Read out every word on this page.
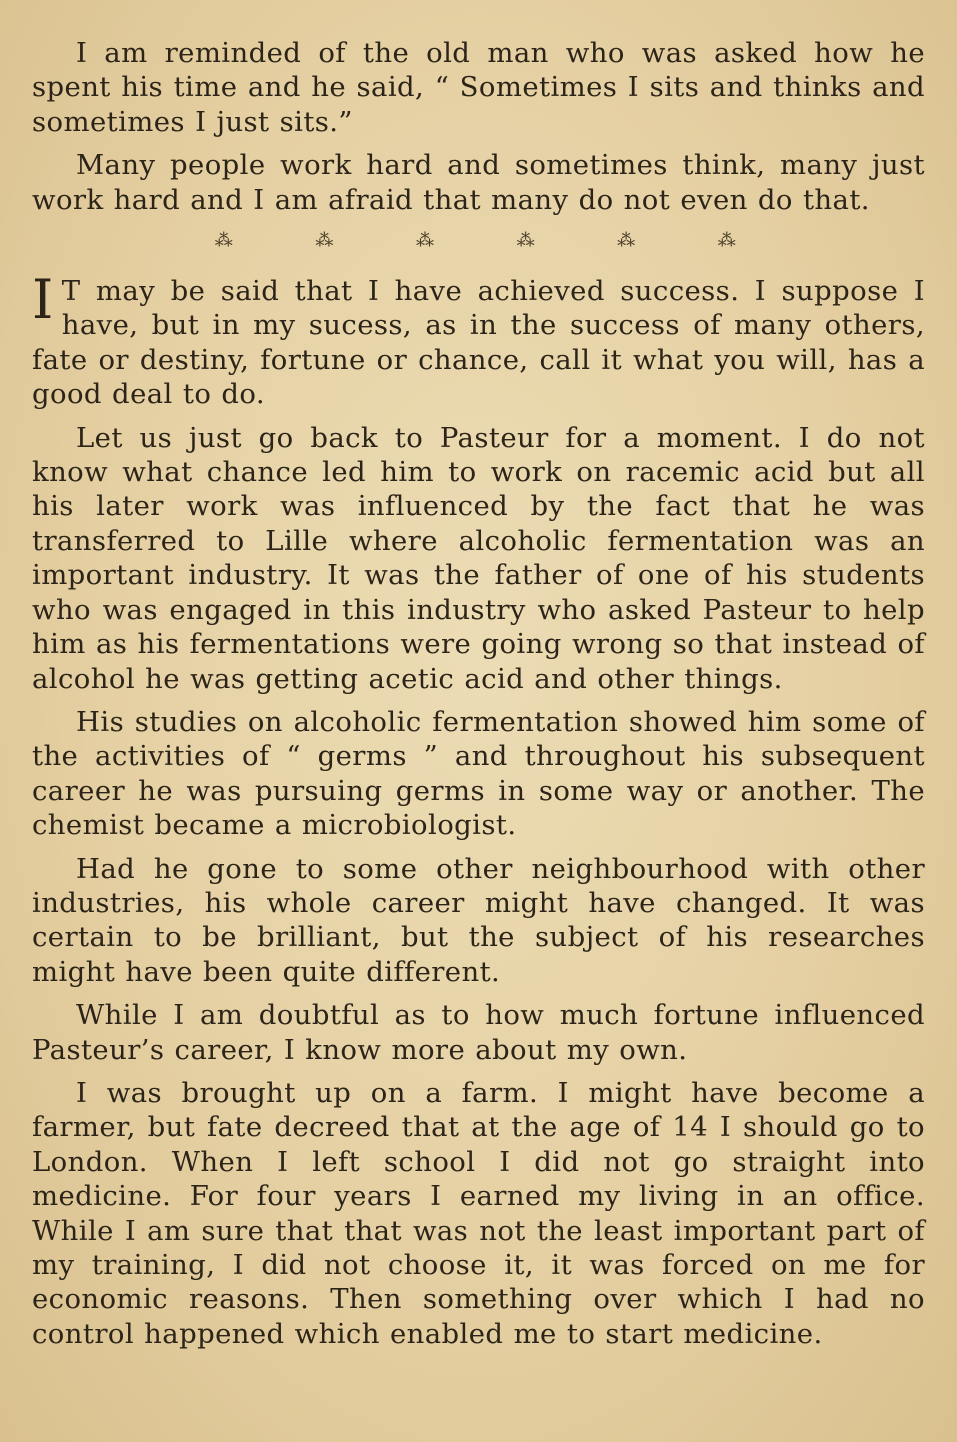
I am reminded of the old man who was asked how he spent his time and he said, “ Sometimes I sits and thinks and sometimes I just sits.”

Many people work hard and sometimes think, many just work hard and I am afraid that many do not even do that.

⁂	⁂	⁂	⁂	⁂	⁂

I T may be said that I have achieved success. I suppose I have, but in my sucess, as in the success of many others, fate or destiny, fortune or chance, call it what you will, has a good deal to do.

Let us just go back to Pasteur for a moment. I do not know what chance led him to work on racemic acid but all his later work was influenced by the fact that he was transferred to Lille where alcoholic fermentation was an important industry. It was the father of one of his students who was engaged in this industry who asked Pasteur to help him as his fermentations were going wrong so that instead of alcohol he was getting acetic acid and other things.

His studies on alcoholic fermentation showed him some of the activities of “ germs ” and throughout his subsequent career he was pursuing germs in some way or another. The chemist became a microbiologist.

Had he gone to some other neighbourhood with other industries, his whole career might have changed. It was certain to be brilliant, but the subject of his researches might have been quite different.

While I am doubtful as to how much fortune influenced Pasteur’s career, I know more about my own.

I was brought up on a farm. I might have become a farmer, but fate decreed that at the age of 14 I should go to London. When I left school I did not go straight into medicine. For four years I earned my living in an office. While I am sure that that was not the least important part of my training, I did not choose it, it was forced on me for economic reasons. Then something over which I had no control happened which enabled me to start medicine.
